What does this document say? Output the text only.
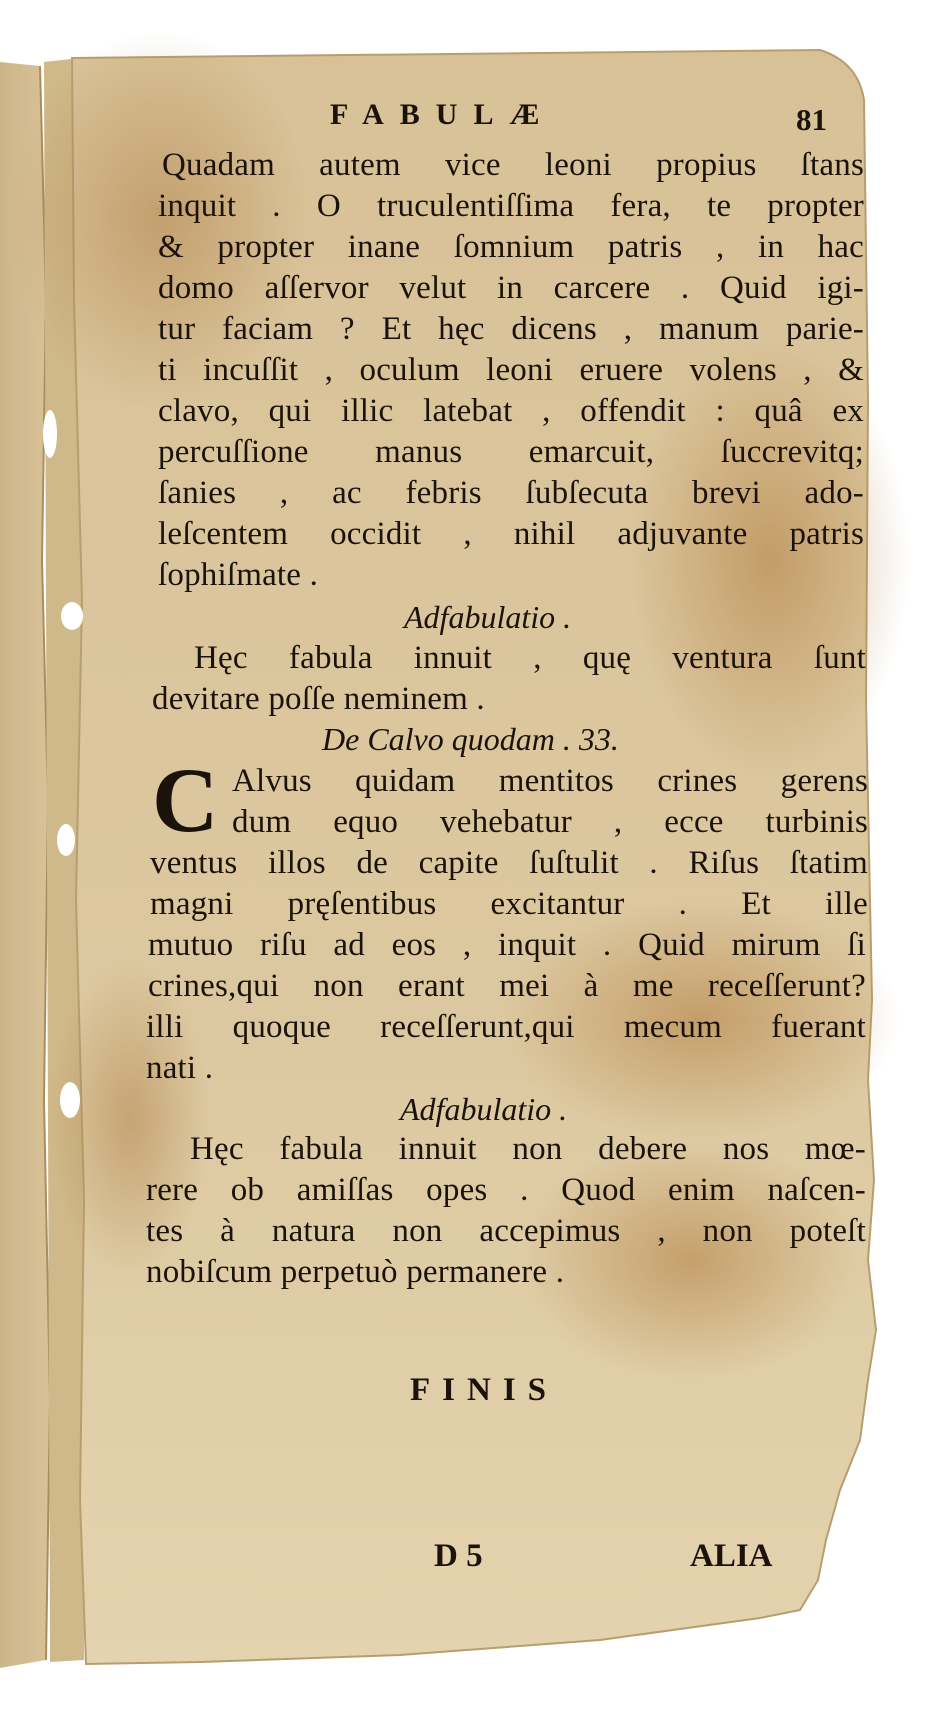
FABULÆ	81
Quadam autem vice leoni propius ſtans
inquit . O truculentiſſima fera, te propter
& propter inane ſomnium patris , in hac
domo aſſervor velut in carcere . Quid igi-
tur faciam ? Et hęc dicens , manum parie-
ti incuſſit , oculum leoni eruere volens , &
clavo, qui illic latebat , offendit : quâ ex
percuſſione manus emarcuit, ſuccrevitq;
ſanies , ac febris ſubſecuta brevi ado-
leſcentem occidit , nihil adjuvante patris
ſophiſmate .
Adfabulatio .
Hęc fabula innuit , quę ventura ſunt
devitare poſſe neminem .
De Calvo quodam . 33.
C Alvus quidam mentitos crines gerens
dum equo vehebatur , ecce turbinis
ventus illos de capite ſuſtulit . Riſus ſtatim
magni pręſentibus excitantur . Et ille
mutuo riſu ad eos , inquit . Quid mirum ſi
crines,qui non erant mei à me receſſerunt?
illi quoque receſſerunt,qui mecum fuerant
nati .
Adfabulatio .
Hęc fabula innuit non debere nos mœ-
rere ob amiſſas opes . Quod enim naſcen-
tes à natura non accepimus , non poteſt
nobiſcum perpetuò permanere .
FINIS
D 5	ALIA
